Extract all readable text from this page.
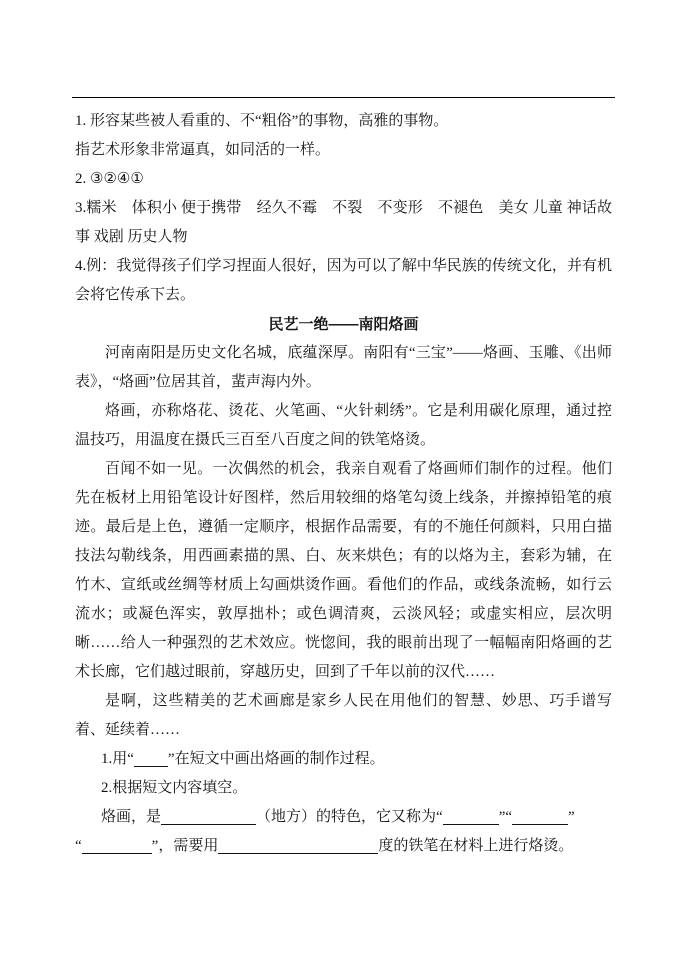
1. 形容某些被人看重的、不“粗俗”的事物，高雅的事物。

指艺术形象非常逼真，如同活的一样。

2. ③②④①

3.糯米　体积小 便于携带　经久不霉　不裂　不变形　不褪色　美女 儿童 神话故事 戏剧 历史人物

4.例：我觉得孩子们学习捏面人很好，因为可以了解中华民族的传统文化，并有机会将它传承下去。

民艺一绝——南阳烙画

河南南阳是历史文化名城，底蕴深厚。南阳有“三宝”——烙画、玉雕、《出师表》，“烙画”位居其首，蜚声海内外。

烙画，亦称烙花、烫花、火笔画、“火针刺绣”。它是利用碳化原理，通过控温技巧，用温度在摄氏三百至八百度之间的铁笔烙烫。

百闻不如一见。一次偶然的机会，我亲自观看了烙画师们制作的过程。他们先在板材上用铅笔设计好图样，然后用较细的烙笔勾烫上线条，并擦掉铅笔的痕迹。最后是上色，遵循一定顺序，根据作品需要，有的不施任何颜料，只用白描技法勾勒线条，用西画素描的黑、白、灰来烘色；有的以烙为主，套彩为辅，在竹木、宣纸或丝绸等材质上勾画烘烫作画。看他们的作品，或线条流畅，如行云流水；或凝色浑实，敦厚拙朴；或色调清爽，云淡风轻；或虚实相应，层次明晰……给人一种强烈的艺术效应。恍惚间，我的眼前出现了一幅幅南阳烙画的艺术长廊，它们越过眼前，穿越历史，回到了千年以前的汉代……

是啊，这些精美的艺术画廊是家乡人民在用他们的智慧、妙思、巧手谱写着、延续着……

1.用“ ”在短文中画出烙画的制作过程。

2.根据短文内容填空。

烙画，是	（地方）的特色，它又称为“	”“	”

“	”，需要用	度的铁笔在材料上进行烙烫。
